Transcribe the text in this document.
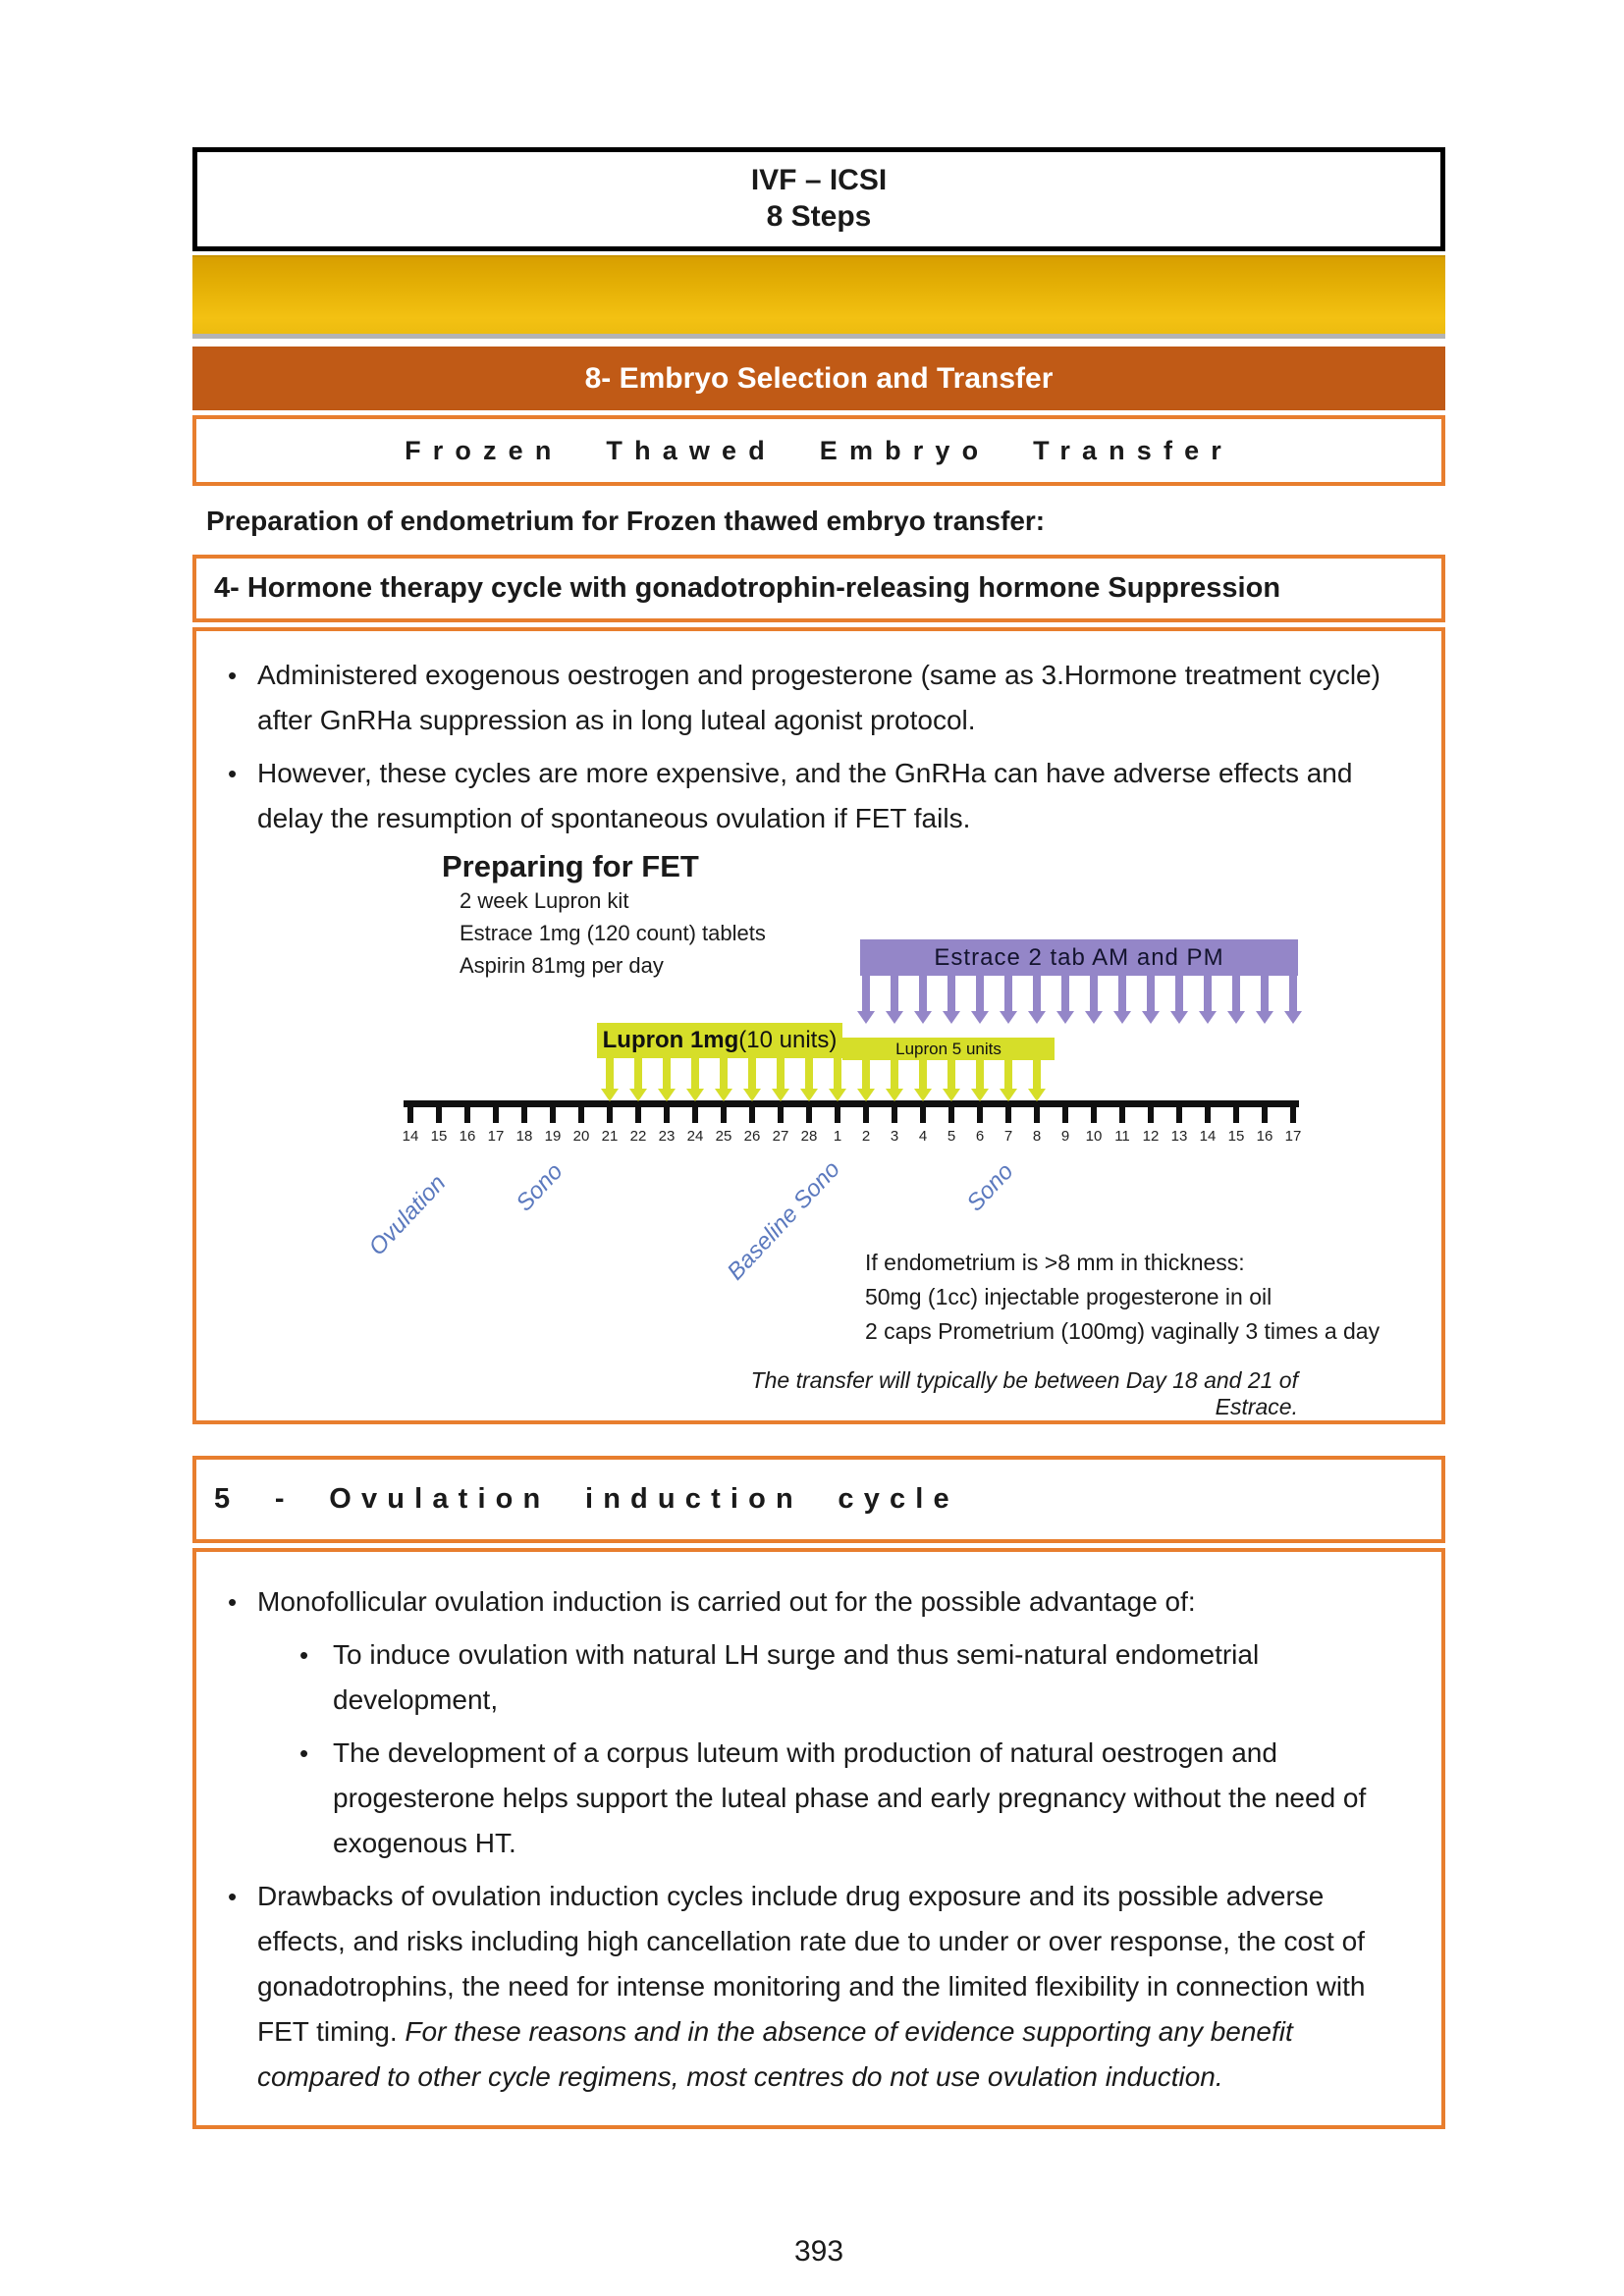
IVF – ICSI
8 Steps
8- Embryo Selection and Transfer
Frozen Thawed Embryo Transfer
Preparation of endometrium for Frozen thawed embryo transfer:
4- Hormone therapy cycle with gonadotrophin-releasing hormone Suppression
• Administered exogenous oestrogen and progesterone (same as 3.Hormone treatment cycle) after GnRHa suppression as in long luteal agonist protocol.
• However, these cycles are more expensive, and the GnRHa can have adverse effects and delay the resumption of spontaneous ovulation if FET fails.
Preparing for FET
2 week Lupron kit
Estrace 1mg (120 count) tablets
Aspirin 81mg per day	Estrace 2 tab AM and PM
Lupron 1mg (10 units)	Lupron 5 units
14 15 16 17 18 19 20 21 22 23 24 25 26 27 28	1	2	3	4	5	6	7	8	9	10 11 12 13 14 15 16 17
Ovulation	Sono	Baseline Sono	Sono
If endometrium is >8 mm in thickness:
50mg (1cc) injectable progesterone in oil
2 caps Prometrium (100mg) vaginally 3 times a day
The transfer will typically be between Day 18 and 21 of Estrace.
5 - Ovulation induction cycle
• Monofollicular ovulation induction is carried out for the possible advantage of:
• To induce ovulation with natural LH surge and thus semi-natural endometrial development,
• The development of a corpus luteum with production of natural oestrogen and progesterone helps support the luteal phase and early pregnancy without the need of exogenous HT.
• Drawbacks of ovulation induction cycles include drug exposure and its possible adverse effects, and risks including high cancellation rate due to under or over response, the cost of gonadotrophins, the need for intense monitoring and the limited flexibility in connection with FET timing. For these reasons and in the absence of evidence supporting any benefit compared to other cycle regimens, most centres do not use ovulation induction.
393
